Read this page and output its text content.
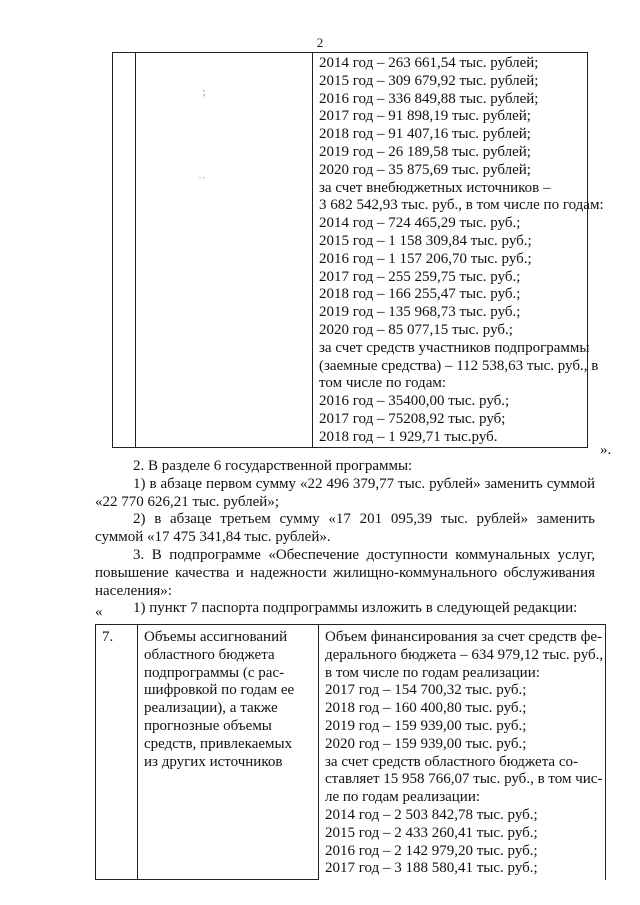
2

⁏
˙˙

2014 год – 263 661,54 тыс. рублей;
2015 год – 309 679,92 тыс. рублей;
2016 год – 336 849,88 тыс. рублей;
2017 год – 91 898,19 тыс. рублей;
2018 год – 91 407,16 тыс. рублей;
2019 год – 26 189,58 тыс. рублей;
2020 год – 35 875,69 тыс. рублей;
за счет внебюджетных источников –
3 682 542,93 тыс. руб., в том числе по годам:
2014 год – 724 465,29 тыс. руб.;
2015 год – 1 158 309,84 тыс. руб.;
2016 год – 1 157 206,70 тыс. руб.;
2017 год – 255 259,75 тыс. руб.;
2018 год – 166 255,47 тыс. руб.;
2019 год – 135 968,73 тыс. руб.;
2020 год – 85 077,15 тыс. руб.;
за счет средств участников подпрограммы
(заемные средства) – 112 538,63 тыс. руб., в
том числе по годам:
2016 год – 35400,00 тыс. руб.;
2017 год – 75208,92 тыс. руб;
2018 год – 1 929,71 тыс.руб.
».

2. В разделе 6 государственной программы:

1) в абзаце первом сумму «22 496 379,77 тыс. рублей» заменить суммой «22 770 626,21 тыс. рублей»;

2) в абзаце третьем сумму «17 201 095,39 тыс. рублей» заменить суммой «17 475 341,84 тыс. рублей».

3. В подпрограмме «Обеспечение доступности коммунальных услуг, повышение качества и надежности жилищно-коммунального обслуживания населения»:

1) пункт 7 паспорта подпрограммы изложить в следующей редакции:

«
7.	Объемы ассигнований
областного бюджета
подпрограммы (с рас-
шифровкой по годам ее
реализации), а также
прогнозные объемы
средств, привлекаемых
из других источников

Объем финансирования за счет средств фе-
дерального бюджета – 634 979,12 тыс. руб.,
в том числе по годам реализации:
2017 год – 154 700,32 тыс. руб.;
2018 год – 160 400,80 тыс. руб.;
2019 год – 159 939,00 тыс. руб.;
2020 год – 159 939,00 тыс. руб.;
за счет средств областного бюджета со-
ставляет 15 958 766,07 тыс. руб., в том чис-
ле по годам реализации:
2014 год – 2 503 842,78 тыс. руб.;
2015 год – 2 433 260,41 тыс. руб.;
2016 год – 2 142 979,20 тыс. руб.;
2017 год – 3 188 580,41 тыс. руб.;
